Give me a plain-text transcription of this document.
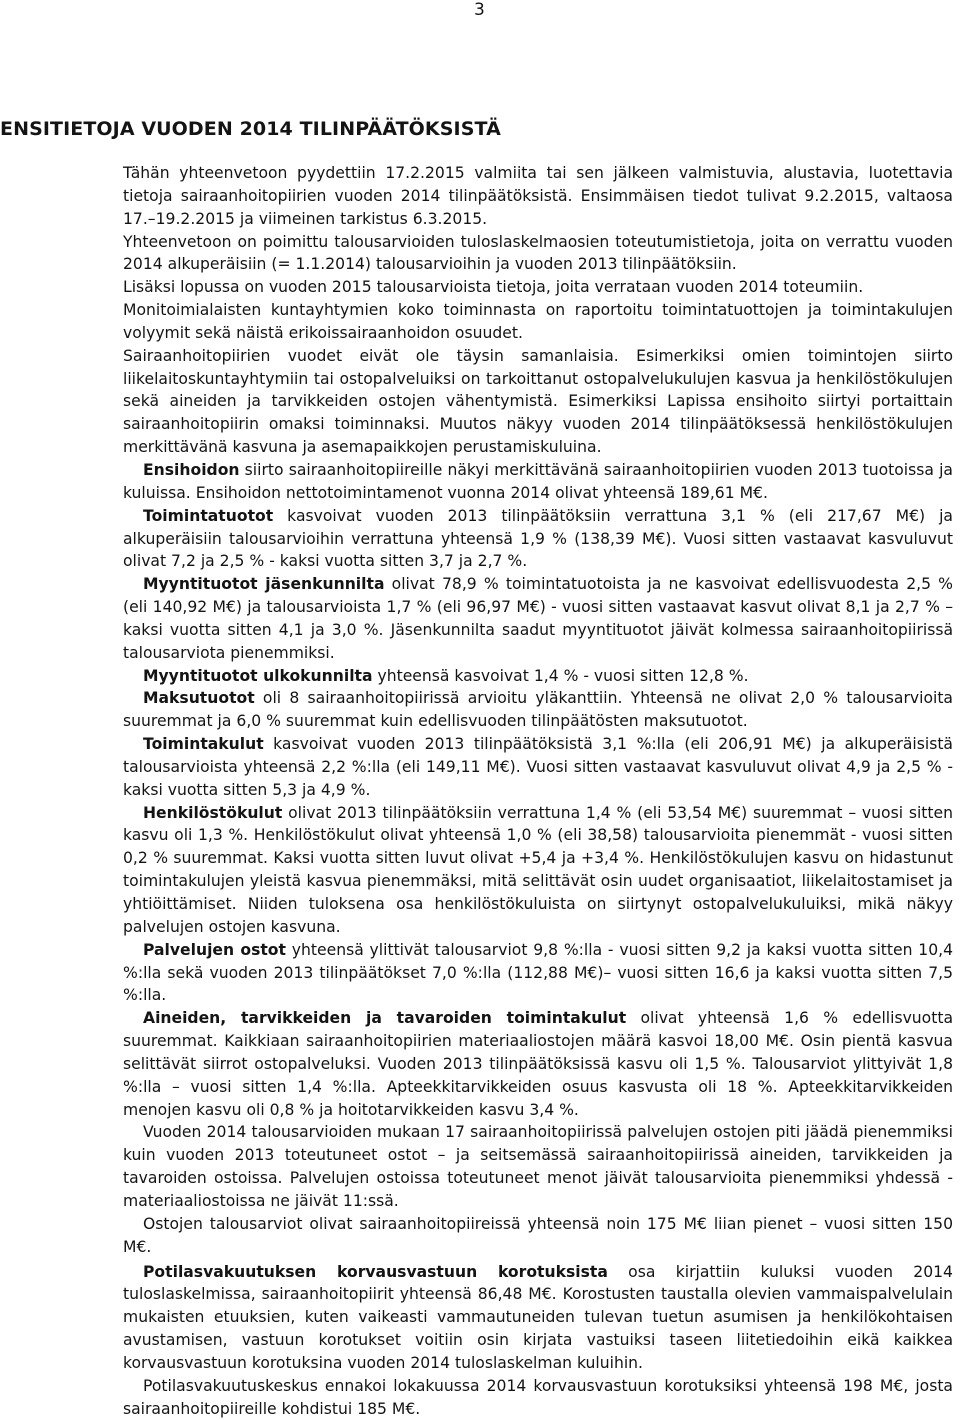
3
ENSITIETOJA VUODEN 2014 TILINPÄÄTÖKSISTÄ

Tähän yhteenvetoon pyydettiin 17.2.2015 valmiita tai sen jälkeen valmistuvia, alustavia, luotettavia tietoja sairaanhoitopiirien vuoden 2014 tilinpäätöksistä. Ensimmäisen tiedot tulivat 9.2.2015, valtaosa 17.–19.2.2015 ja viimeinen tarkistus 6.3.2015.

Yhteenvetoon on poimittu talousarvioiden tuloslaskelmaosien toteutumistietoja, joita on verrattu vuoden 2014 alkuperäisiin (= 1.1.2014) talousarvioihin ja vuoden 2013 tilinpäätöksiin.

Lisäksi lopussa on vuoden 2015 talousarvioista tietoja, joita verrataan vuoden 2014 toteumiin.

Monitoimialaisten kuntayhtymien koko toiminnasta on raportoitu toimintatuottojen ja toimintakulujen volyymit sekä näistä erikoissairaanhoidon osuudet.

Sairaanhoitopiirien vuodet eivät ole täysin samanlaisia. Esimerkiksi omien toimintojen siirto liikelaitoskuntayhtymiin tai ostopalveluiksi on tarkoittanut ostopalvelukulujen kasvua ja henkilöstökulujen sekä aineiden ja tarvikkeiden ostojen vähentymistä. Esimerkiksi Lapissa ensihoito siirtyi portaittain sairaanhoitopiirin omaksi toiminnaksi. Muutos näkyy vuoden 2014 tilinpäätöksessä henkilöstökulujen merkittävänä kasvuna ja asemapaikkojen perustamiskuluina.

Ensihoidon siirto sairaanhoitopiireille näkyi merkittävänä sairaanhoitopiirien vuoden 2013 tuotoissa ja kuluissa. Ensihoidon nettotoimintamenot vuonna 2014 olivat yhteensä 189,61 M€.

Toimintatuotot kasvoivat vuoden 2013 tilinpäätöksiin verrattuna 3,1 % (eli 217,67 M€) ja alkuperäisiin talousarvioihin verrattuna yhteensä 1,9 % (138,39 M€). Vuosi sitten vastaavat kasvuluvut olivat 7,2 ja 2,5 % - kaksi vuotta sitten 3,7 ja 2,7 %.

Myyntituotot jäsenkunnilta olivat 78,9 % toimintatuotoista ja ne kasvoivat edellisvuodesta 2,5 % (eli 140,92 M€) ja talousarvioista 1,7 % (eli 96,97 M€) - vuosi sitten vastaavat kasvut olivat 8,1 ja 2,7 % – kaksi vuotta sitten 4,1 ja 3,0 %. Jäsenkunnilta saadut myyntituotot jäivät kolmessa sairaanhoitopiirissä talousarviota pienemmiksi.

Myyntituotot ulkokunnilta yhteensä kasvoivat 1,4 % - vuosi sitten 12,8 %.

Maksutuotot oli 8 sairaanhoitopiirissä arvioitu yläkanttiin. Yhteensä ne olivat 2,0 % talousarvioita suuremmat ja 6,0 % suuremmat kuin edellisvuoden tilinpäätösten maksutuotot.

Toimintakulut kasvoivat vuoden 2013 tilinpäätöksistä 3,1 %:lla (eli 206,91 M€) ja alkuperäisistä talousarvioista yhteensä 2,2 %:lla (eli 149,11 M€). Vuosi sitten vastaavat kasvuluvut olivat 4,9 ja 2,5 % - kaksi vuotta sitten 5,3 ja 4,9 %.

Henkilöstökulut olivat 2013 tilinpäätöksiin verrattuna 1,4 % (eli 53,54 M€) suuremmat – vuosi sitten kasvu oli 1,3 %. Henkilöstökulut olivat yhteensä 1,0 % (eli 38,58) talousarvioita pienemmät - vuosi sitten 0,2 % suuremmat. Kaksi vuotta sitten luvut olivat +5,4 ja +3,4 %. Henkilöstökulujen kasvu on hidastunut toimintakulujen yleistä kasvua pienemmäksi, mitä selittävät osin uudet organisaatiot, liikelaitostamiset ja yhtiöittämiset. Niiden tuloksena osa henkilöstökuluista on siirtynyt ostopalvelukuluiksi, mikä näkyy palvelujen ostojen kasvuna.

Palvelujen ostot yhteensä ylittivät talousarviot 9,8 %:lla - vuosi sitten 9,2 ja kaksi vuotta sitten 10,4 %:lla sekä vuoden 2013 tilinpäätökset 7,0 %:lla (112,88 M€)– vuosi sitten 16,6 ja kaksi vuotta sitten 7,5 %:lla.

Aineiden, tarvikkeiden ja tavaroiden toimintakulut olivat yhteensä 1,6 % edellisvuotta suuremmat. Kaikkiaan sairaanhoitopiirien materiaaliostojen määrä kasvoi 18,00 M€. Osin pientä kasvua selittävät siirrot ostopalveluksi. Vuoden 2013 tilinpäätöksissä kasvu oli 1,5 %. Talousarviot ylittyivät 1,8 %:lla – vuosi sitten 1,4 %:lla. Apteekkitarvikkeiden osuus kasvusta oli 18 %. Apteekkitarvikkeiden menojen kasvu oli 0,8 % ja hoitotarvikkeiden kasvu 3,4 %.

Vuoden 2014 talousarvioiden mukaan 17 sairaanhoitopiirissä palvelujen ostojen piti jäädä pienemmiksi kuin vuoden 2013 toteutuneet ostot – ja seitsemässä sairaanhoitopiirissä aineiden, tarvikkeiden ja tavaroiden ostoissa. Palvelujen ostoissa toteutuneet menot jäivät talousarvioita pienemmiksi yhdessä - materiaaliostoissa ne jäivät 11:ssä.

Ostojen talousarviot olivat sairaanhoitopiireissä yhteensä noin 175 M€ liian pienet – vuosi sitten 150 M€.

Potilasvakuutuksen korvausvastuun korotuksista osa kirjattiin kuluksi vuoden 2014 tuloslaskelmissa, sairaanhoitopiirit yhteensä 86,48 M€. Korostusten taustalla olevien vammaispalvelulain mukaisten etuuksien, kuten vaikeasti vammautuneiden tulevan tuetun asumisen ja henkilökohtaisen avustamisen, vastuun korotukset voitiin osin kirjata vastuiksi taseen liitetiedoihin eikä kaikkea korvausvastuun korotuksina vuoden 2014 tuloslaskelman kuluihin.

Potilasvakuutuskeskus ennakoi lokakuussa 2014 korvausvastuun korotuksiksi yhteensä 198 M€, josta sairaanhoitopiireille kohdistui 185 M€.
